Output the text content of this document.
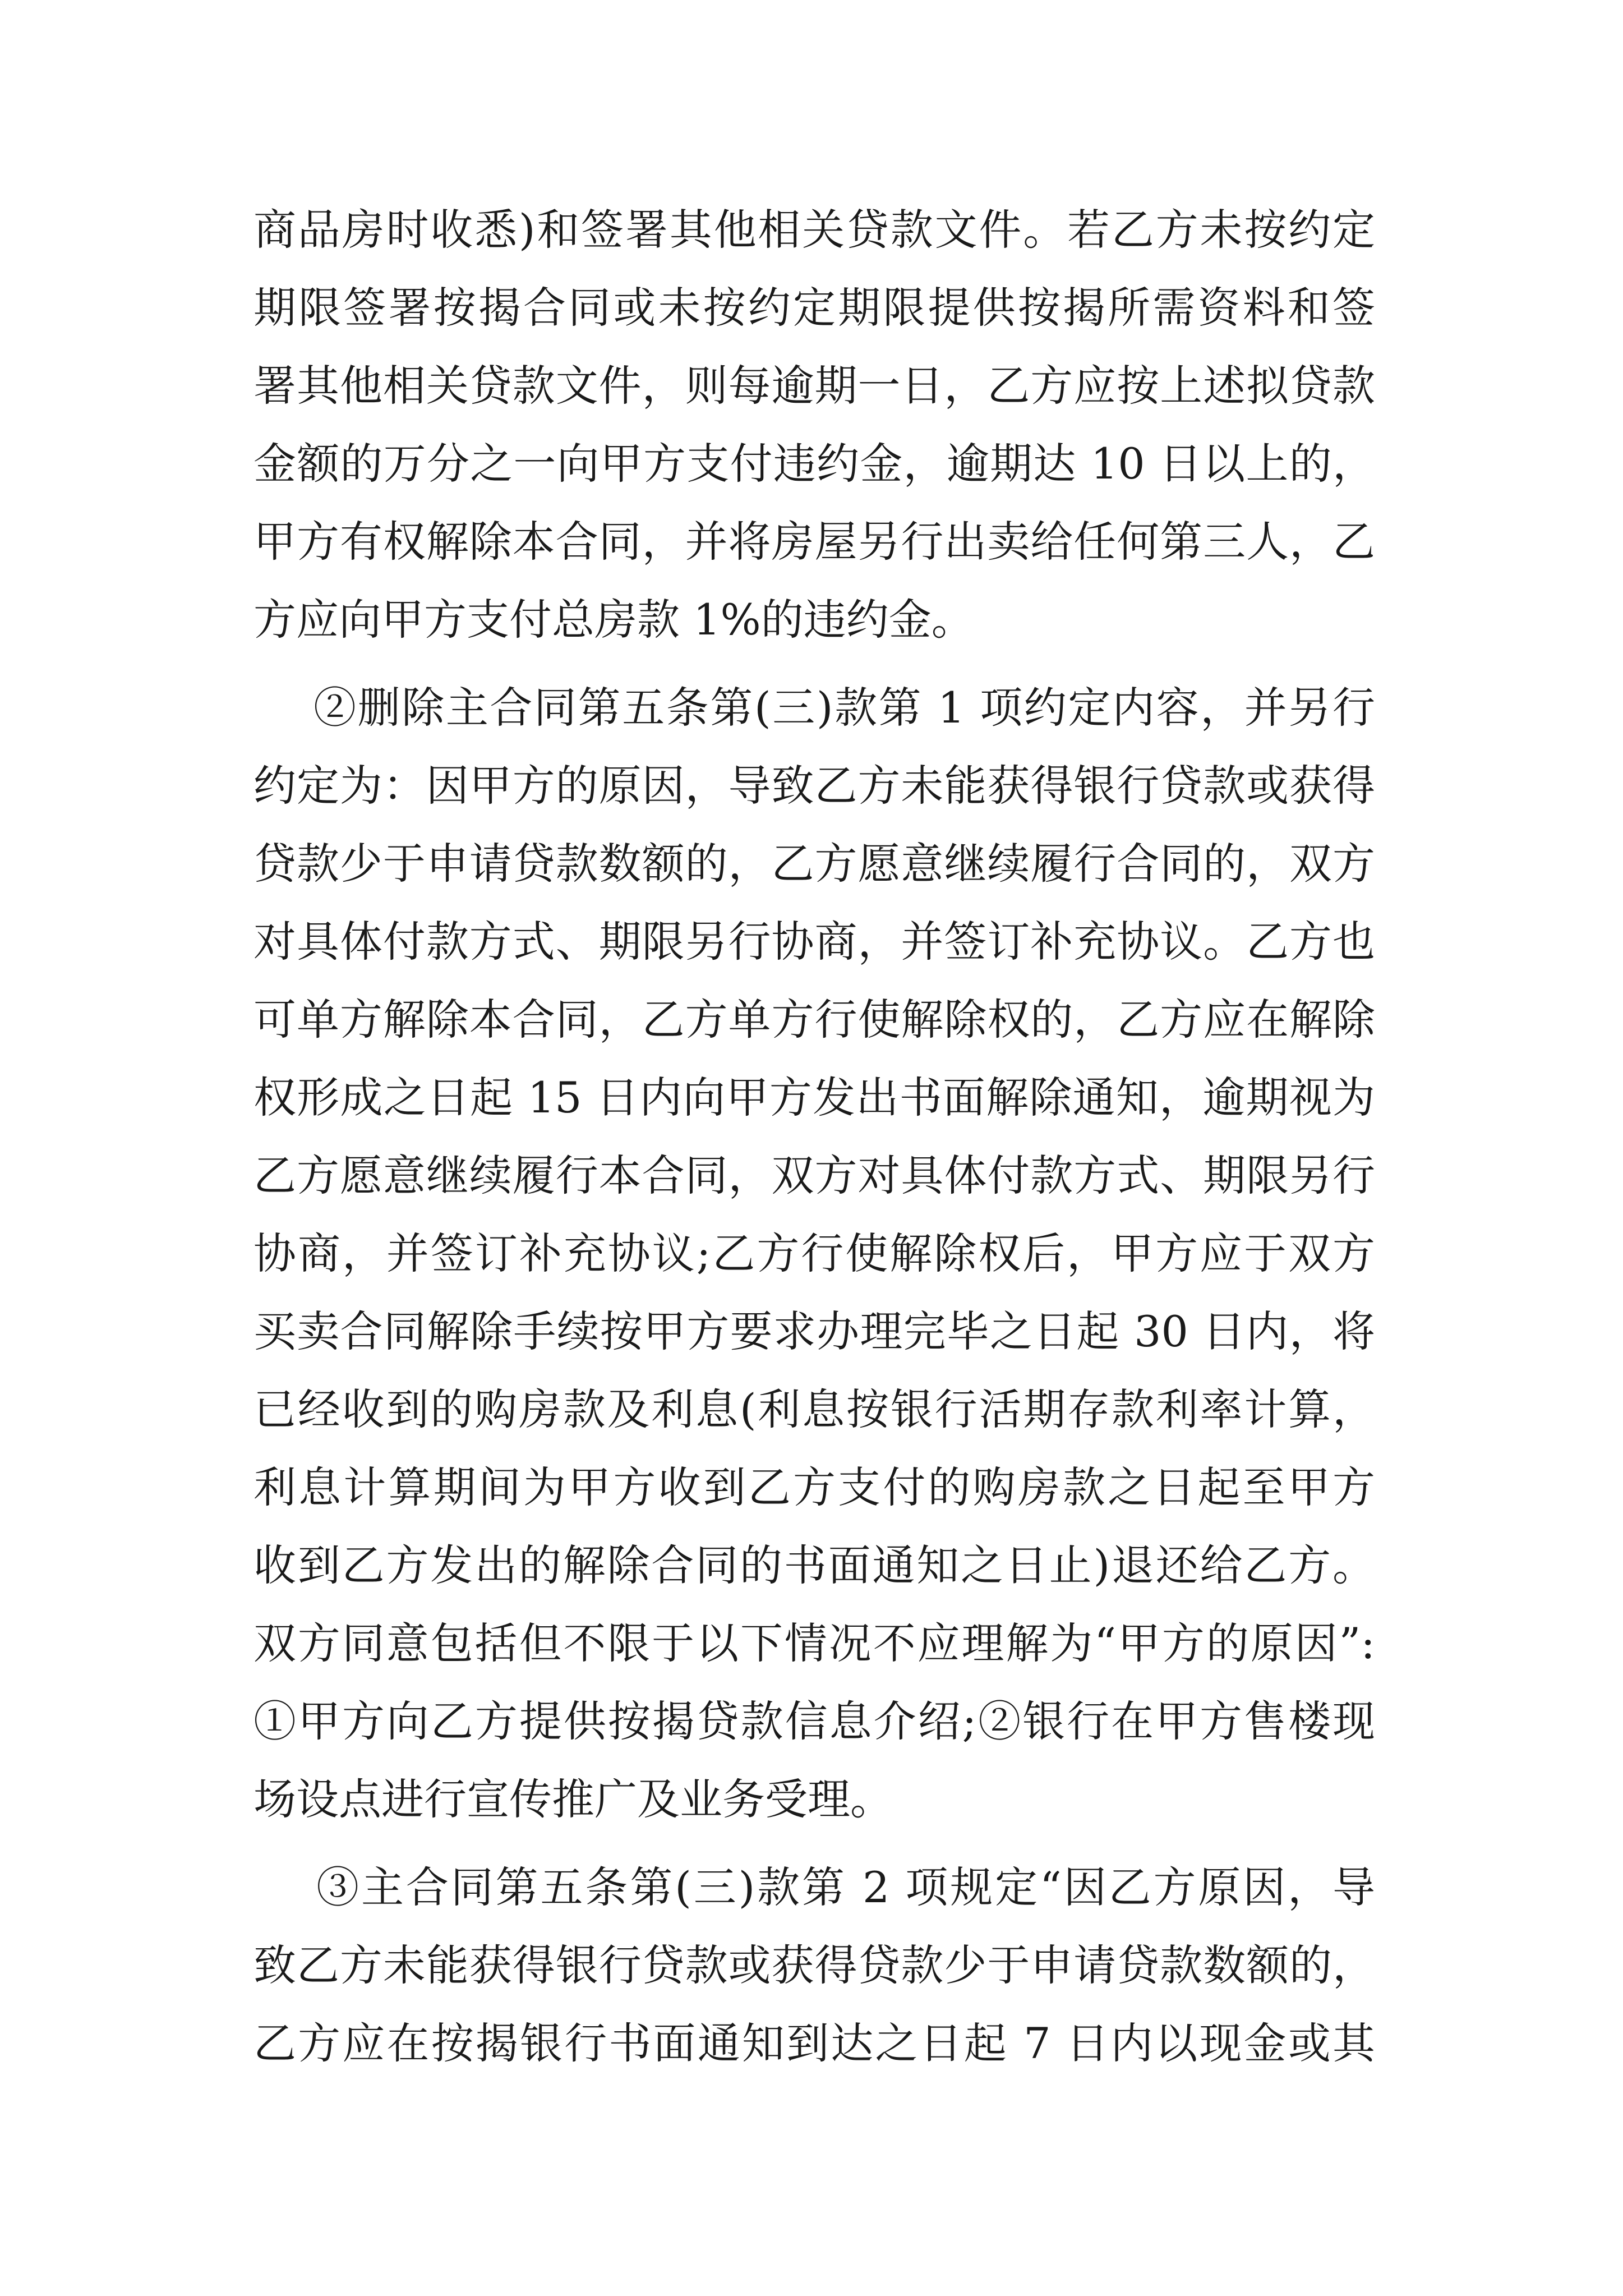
商品房时收悉)和签署其他相关贷款文件。若乙方未按约定
期限签署按揭合同或未按约定期限提供按揭所需资料和签
署其他相关贷款文件，则每逾期一日，乙方应按上述拟贷款
金额的万分之一向甲方支付违约金，逾期达 10 日以上的，
甲方有权解除本合同，并将房屋另行出卖给任何第三人，乙
方应向甲方支付总房款 1%的违约金。
②删除主合同第五条第(三)款第 1 项约定内容，并另行
约定为：因甲方的原因，导致乙方未能获得银行贷款或获得
贷款少于申请贷款数额的，乙方愿意继续履行合同的，双方
对具体付款方式、期限另行协商，并签订补充协议。乙方也
可单方解除本合同，乙方单方行使解除权的，乙方应在解除
权形成之日起 15 日内向甲方发出书面解除通知，逾期视为
乙方愿意继续履行本合同，双方对具体付款方式、期限另行
协商，并签订补充协议;乙方行使解除权后，甲方应于双方
买卖合同解除手续按甲方要求办理完毕之日起 30 日内，将
已经收到的购房款及利息(利息按银行活期存款利率计算，
利息计算期间为甲方收到乙方支付的购房款之日起至甲方
收到乙方发出的解除合同的书面通知之日止)退还给乙方。
双方同意包括但不限于以下情况不应理解为“甲方的原因”:
①甲方向乙方提供按揭贷款信息介绍;②银行在甲方售楼现
场设点进行宣传推广及业务受理。
③主合同第五条第(三)款第 2 项规定“因乙方原因，导
致乙方未能获得银行贷款或获得贷款少于申请贷款数额的，
乙方应在按揭银行书面通知到达之日起 7 日内以现金或其
